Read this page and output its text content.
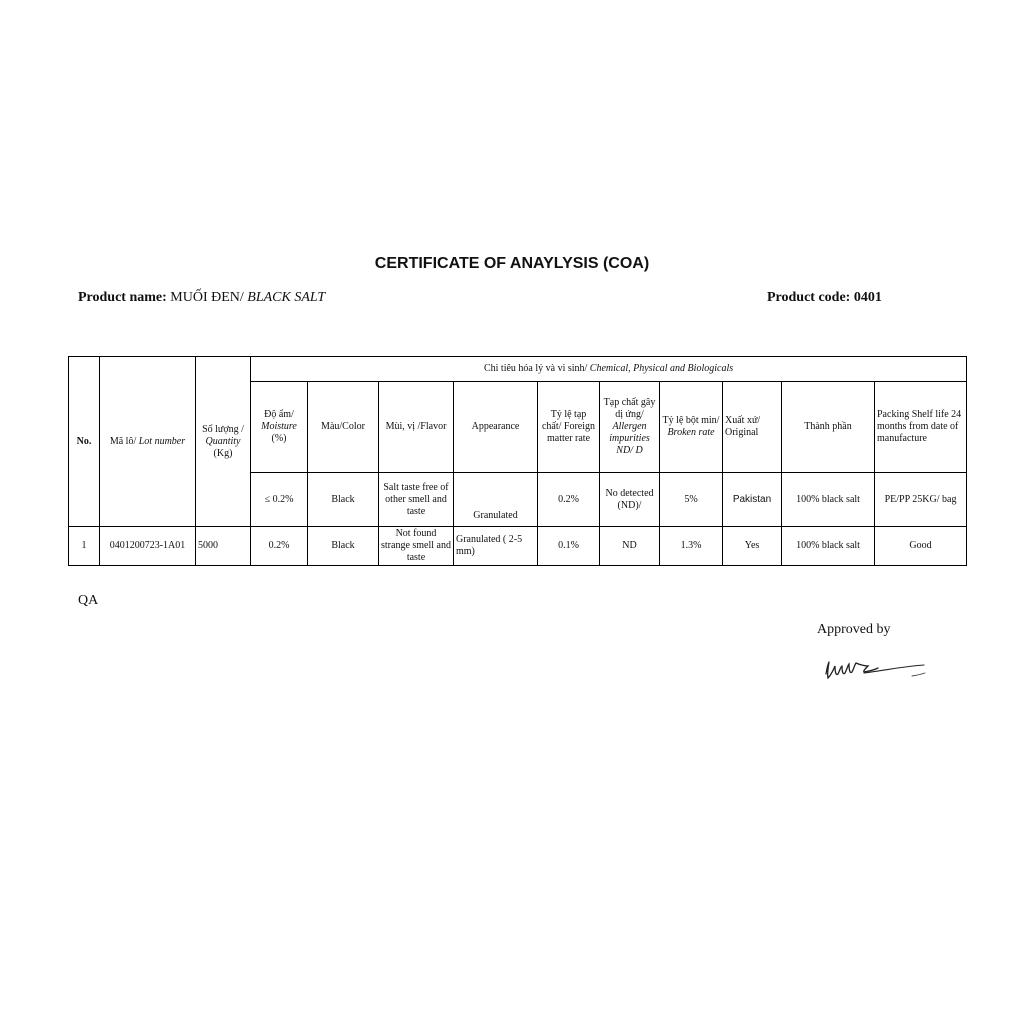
CERTIFICATE OF ANAYLYSIS (COA)
Product name: MUỐI ĐEN/ BLACK SALT	Product code: 0401
No.	Mã lô/ Lot number	Số lượng /
Quantity
(Kg)	Chi tiêu hóa lý và vi sinh/ Chemical, Physical and Biologicals									
			Độ ẩm/
Moisture
(%)	Màu/Color	Mùi, vị /Flavor	Appearance	Tỷ lệ tạp chất/ Foreign matter rate	Tạp chất gây dị ứng/ Allergen impurities ND/ D	Tỷ lệ bột min/ Broken rate	Xuất xứ/ Original	Thành phần	Packing Shelf life 24 months from date of manufacture
			≤ 0.2%	Black	Salt taste free of other smell and taste	Granulated	0.2%	No detected (ND)/	5%	Pakistan	100% black salt	PE/PP 25KG/ bag
1	0401200723-1A01	5000	0.2%	Black	Not found strange smell and taste	Granulated ( 2-5 mm)	0.1%	ND	1.3%	Yes	100% black salt	Good
QA
Approved by
